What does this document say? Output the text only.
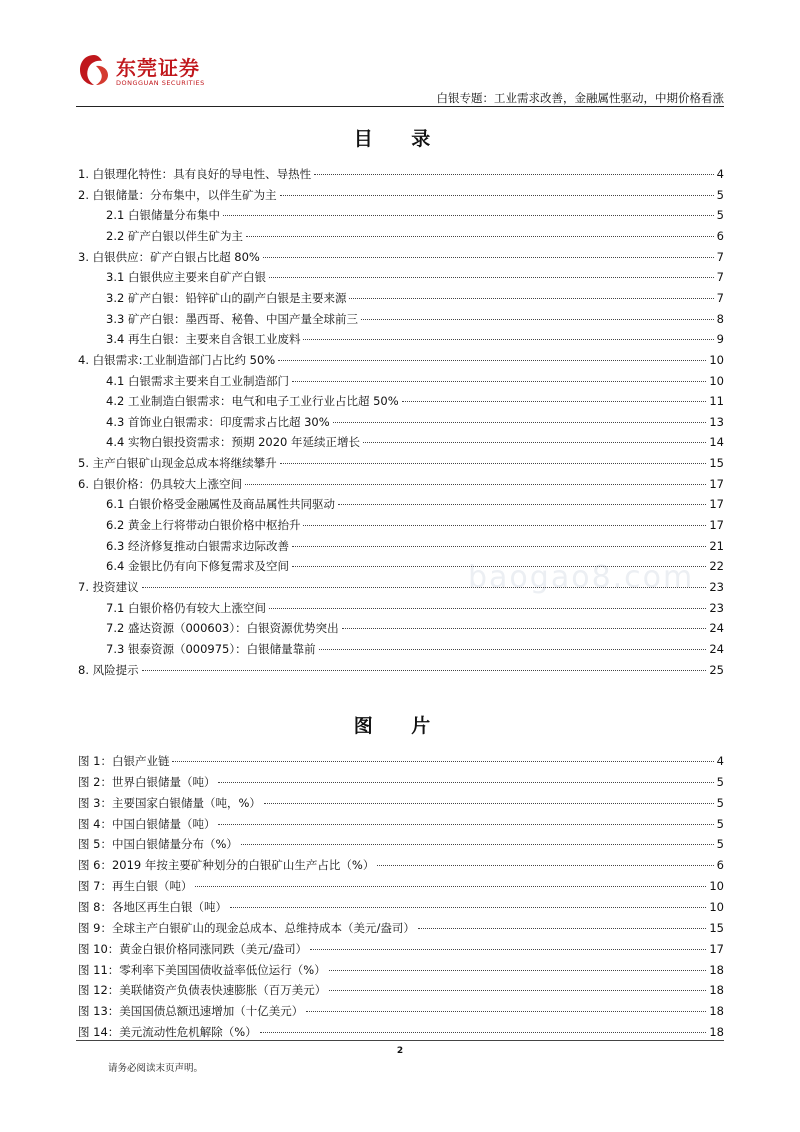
东莞证券
DONGGUAN SECURITIES
白银专题：工业需求改善，金融属性驱动，中期价格看涨
baogao8.com
目 录
1. 白银理化特性：具有良好的导电性、导热性	4
2. 白银储量：分布集中，以伴生矿为主	5
2.1 白银储量分布集中	5
2.2 矿产白银以伴生矿为主	6
3. 白银供应：矿产白银占比超 80%	7
3.1 白银供应主要来自矿产白银	7
3.2 矿产白银：铅锌矿山的副产白银是主要来源	7
3.3 矿产白银：墨西哥、秘鲁、中国产量全球前三	8
3.4 再生白银：主要来自含银工业废料	9
4. 白银需求:工业制造部门占比约 50%	10
4.1 白银需求主要来自工业制造部门	10
4.2 工业制造白银需求：电气和电子工业行业占比超 50%	11
4.3 首饰业白银需求：印度需求占比超 30%	13
4.4 实物白银投资需求：预期 2020 年延续正增长	14
5. 主产白银矿山现金总成本将继续攀升	15
6. 白银价格：仍具较大上涨空间	17
6.1 白银价格受金融属性及商品属性共同驱动	17
6.2 黄金上行将带动白银价格中枢抬升	17
6.3 经济修复推动白银需求边际改善	21
6.4 金银比仍有向下修复需求及空间	22
7. 投资建议	23
7.1 白银价格仍有较大上涨空间	23
7.2 盛达资源（000603）：白银资源优势突出	24
7.3 银泰资源（000975）：白银储量靠前	24
8. 风险提示	25
图 片
图 1：白银产业链	4
图 2：世界白银储量（吨）	5
图 3：主要国家白银储量（吨，%）	5
图 4：中国白银储量（吨）	5
图 5：中国白银储量分布（%）	5
图 6：2019 年按主要矿种划分的白银矿山生产占比（%）	6
图 7：再生白银（吨）	10
图 8：各地区再生白银（吨）	10
图 9：全球主产白银矿山的现金总成本、总维持成本（美元/盎司）	15
图 10：黄金白银价格同涨同跌（美元/盎司）	17
图 11：零利率下美国国债收益率低位运行（%）	18
图 12：美联储资产负债表快速膨胀（百万美元）	18
图 13：美国国债总额迅速增加（十亿美元）	18
图 14：美元流动性危机解除（%）	18
2
请务必阅读末页声明。
